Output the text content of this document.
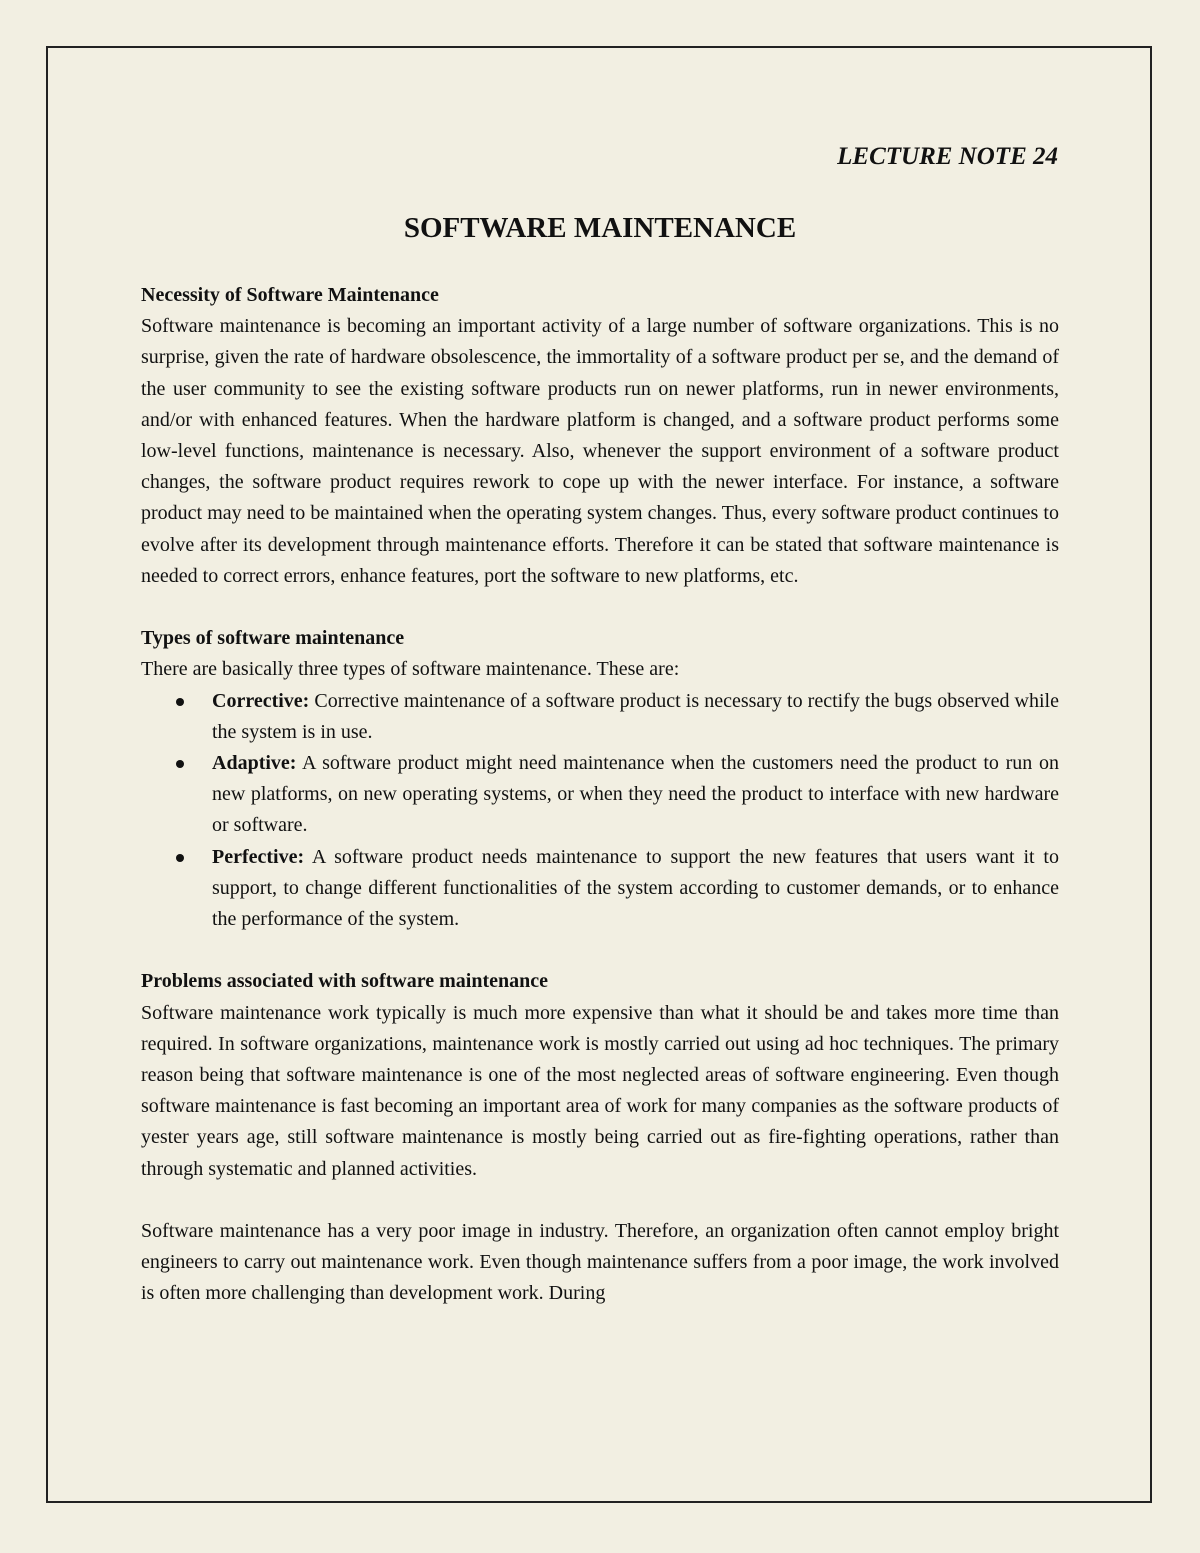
LECTURE NOTE 24

SOFTWARE MAINTENANCE

Necessity of Software Maintenance

Software maintenance is becoming an important activity of a large number of software organizations. This is no surprise, given the rate of hardware obsolescence, the immortality of a software product per se, and the demand of the user community to see the existing software products run on newer platforms, run in newer environments, and/or with enhanced features. When the hardware platform is changed, and a software product performs some low-level functions, maintenance is necessary. Also, whenever the support environment of a software product changes, the software product requires rework to cope up with the newer interface. For instance, a software product may need to be maintained when the operating system changes. Thus, every software product continues to evolve after its development through maintenance efforts. Therefore it can be stated that software maintenance is needed to correct errors, enhance features, port the software to new platforms, etc.

Types of software maintenance

There are basically three types of software maintenance. These are:

Corrective: Corrective maintenance of a software product is necessary to rectify the bugs observed while the system is in use.
Adaptive: A software product might need maintenance when the customers need the product to run on new platforms, on new operating systems, or when they need the product to interface with new hardware or software.
Perfective: A software product needs maintenance to support the new features that users want it to support, to change different functionalities of the system according to customer demands, or to enhance the performance of the system.

Problems associated with software maintenance

Software maintenance work typically is much more expensive than what it should be and takes more time than required. In software organizations, maintenance work is mostly carried out using ad hoc techniques. The primary reason being that software maintenance is one of the most neglected areas of software engineering. Even though software maintenance is fast becoming an important area of work for many companies as the software products of yester years age, still software maintenance is mostly being carried out as fire-fighting operations, rather than through systematic and planned activities.

Software maintenance has a very poor image in industry. Therefore, an organization often cannot employ bright engineers to carry out maintenance work. Even though maintenance suffers from a poor image, the work involved is often more challenging than development work. During
